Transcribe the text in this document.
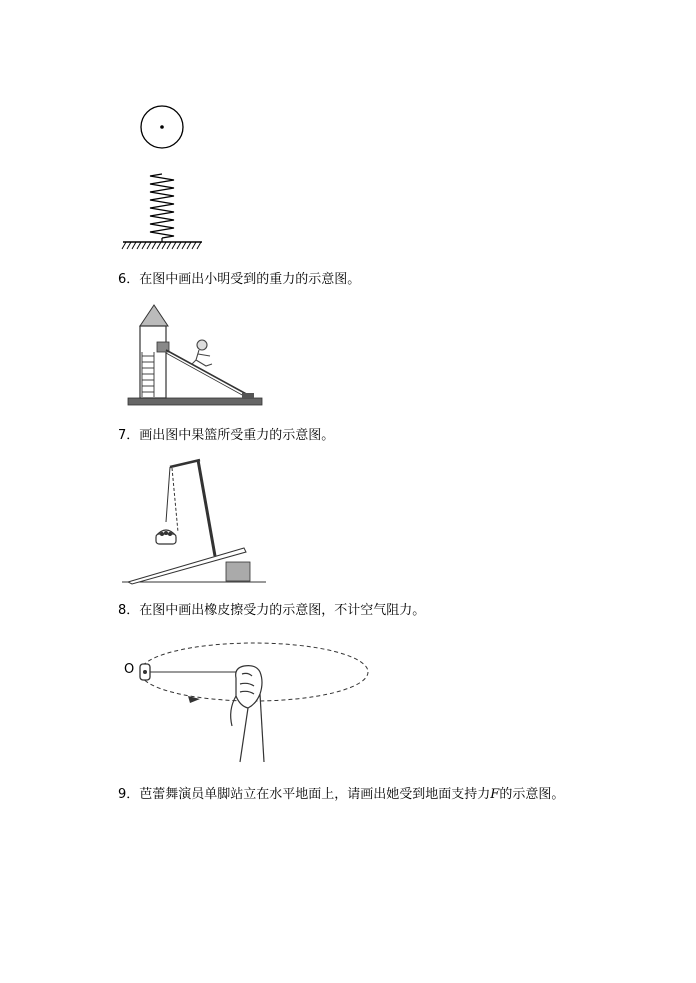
6．在图中画出小明受到的重力的示意图。
7．画出图中果篮所受重力的示意图。
8．在图中画出橡皮擦受力的示意图，不计空气阻力。
O
9．芭蕾舞演员单脚站立在水平地面上，请画出她受到地面支持力F的示意图。
